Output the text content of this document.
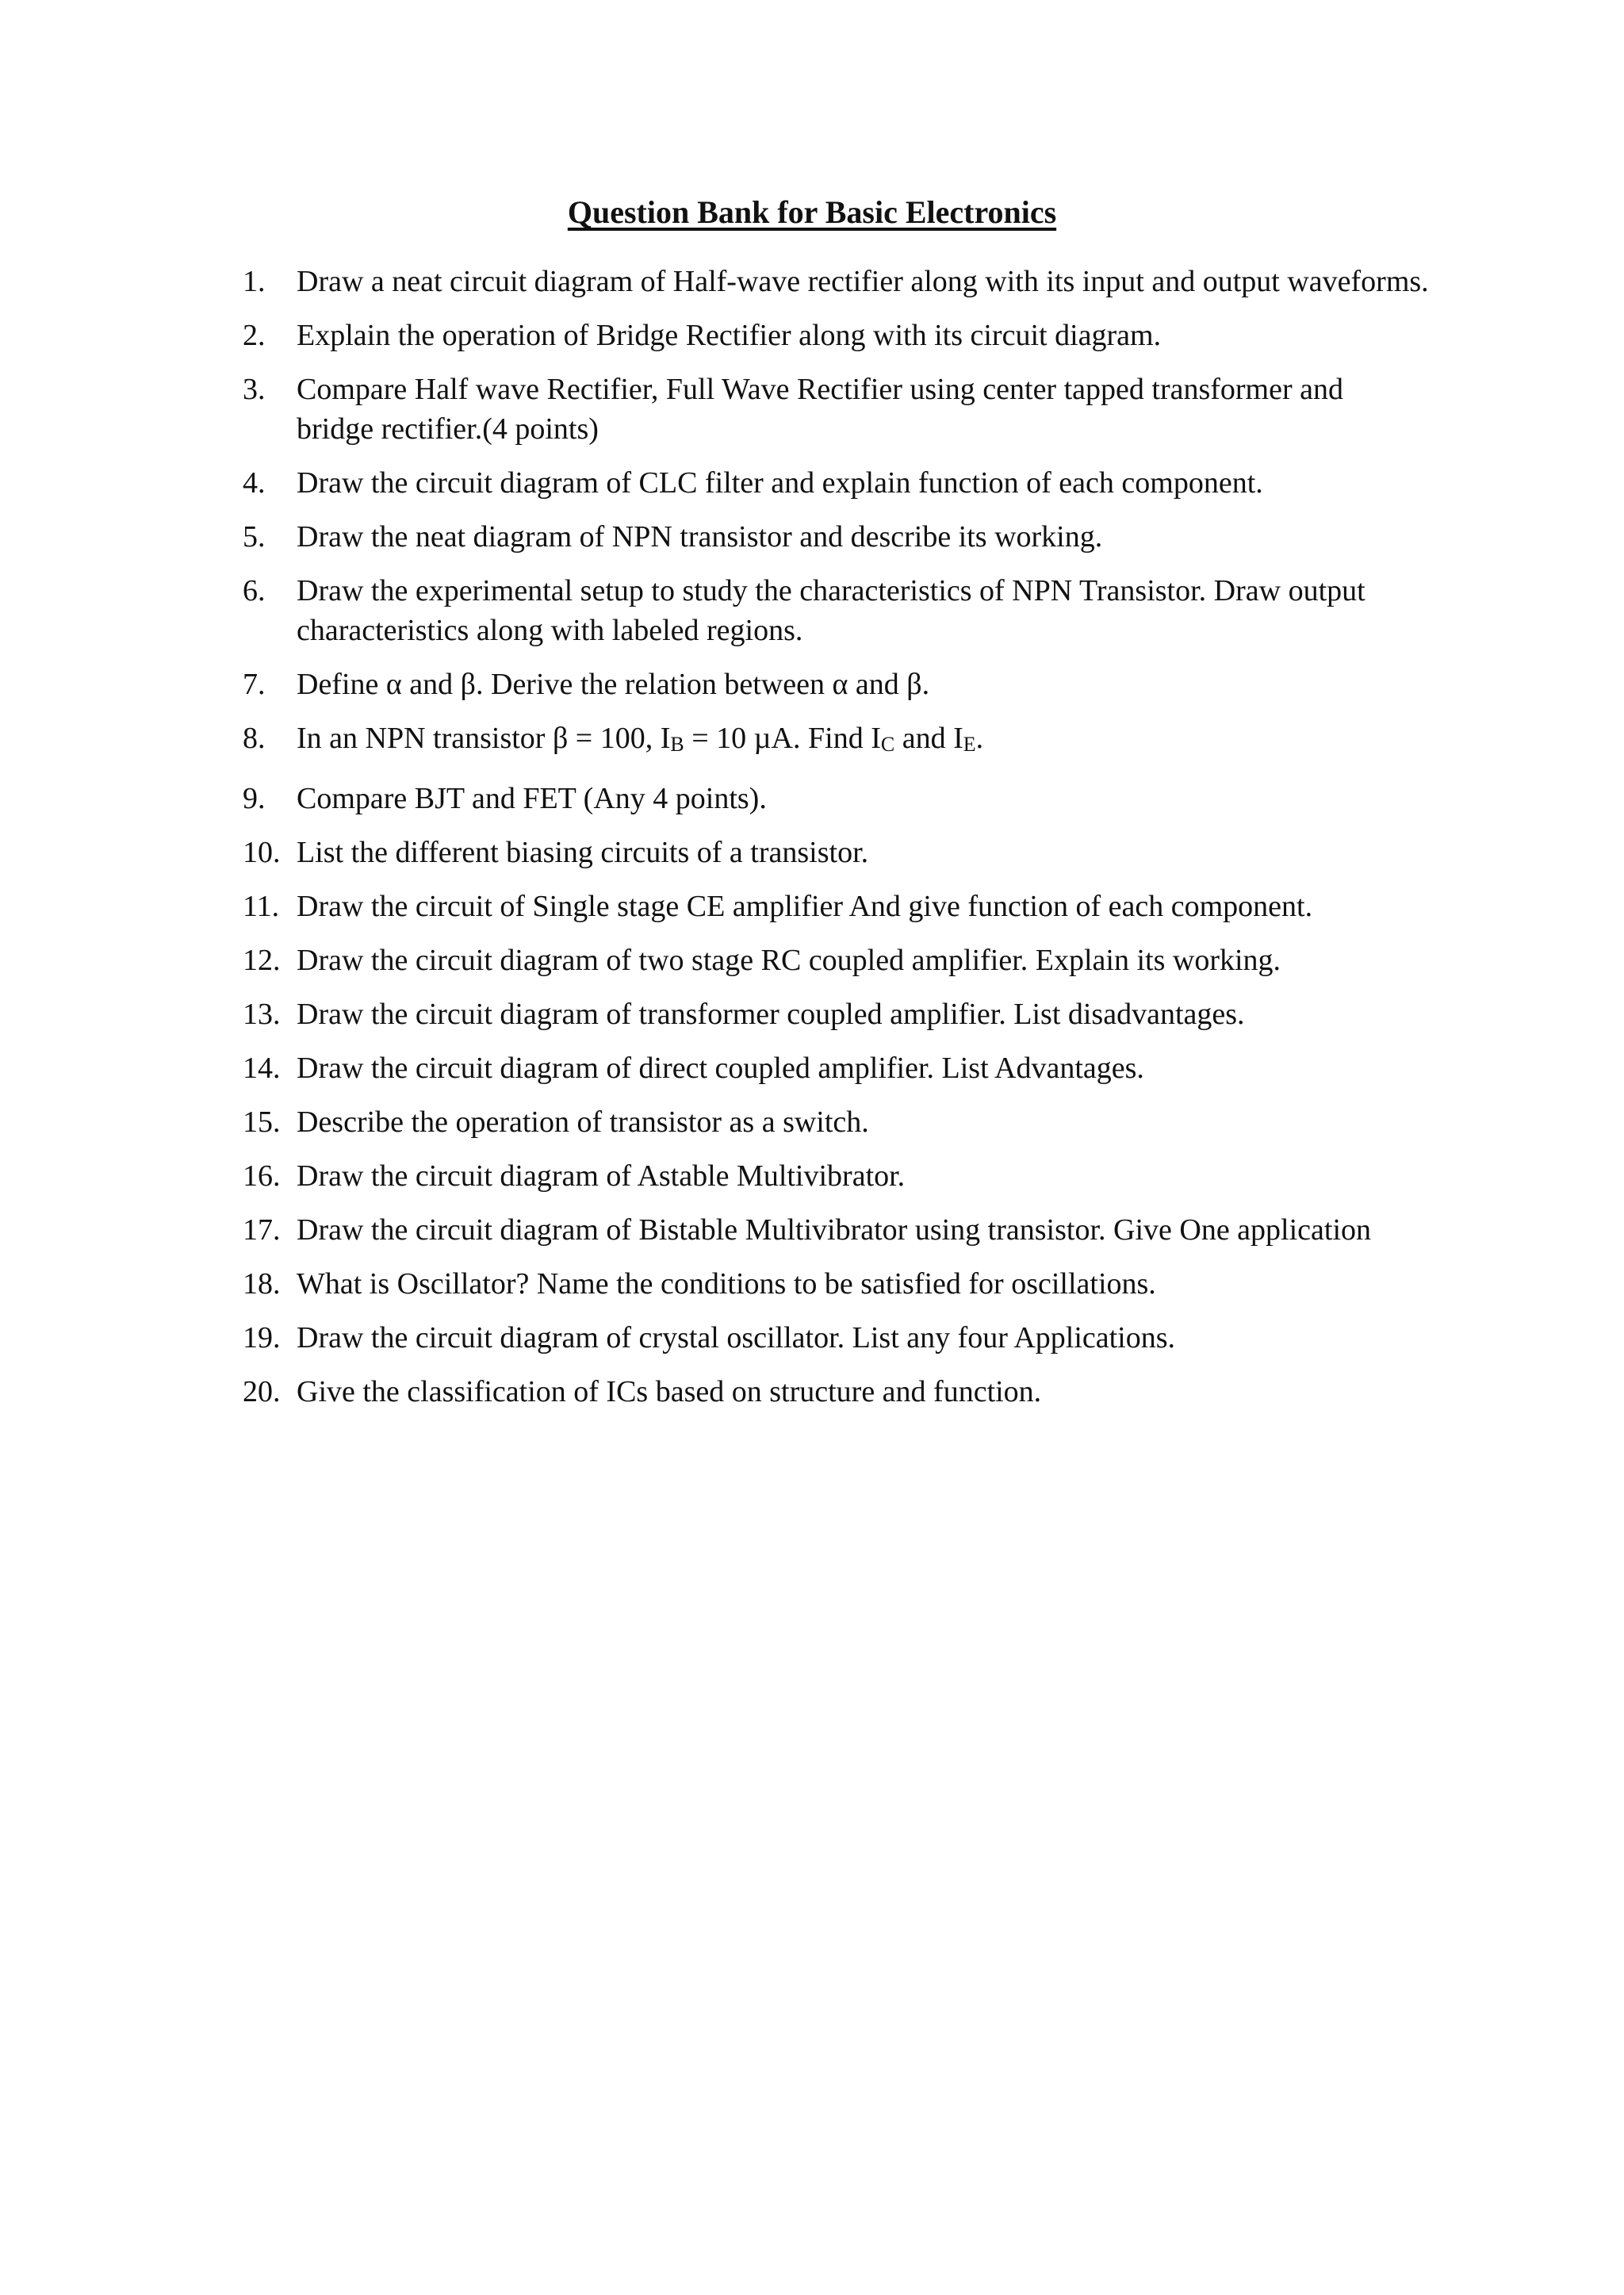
Question Bank for Basic Electronics
1.	Draw a neat circuit diagram of Half-wave rectifier along with its input and output waveforms.
2.	Explain the operation of Bridge Rectifier along with its circuit diagram.
3.	Compare Half wave Rectifier, Full Wave Rectifier using center tapped transformer and
bridge rectifier.(4 points)
4.	Draw the circuit diagram of CLC filter and explain function of each component.
5.	Draw the neat diagram of NPN transistor and describe its working.
6.	Draw the experimental setup to study the characteristics of NPN Transistor. Draw output
characteristics along with labeled regions.
7.	Define α and β. Derive the relation between α and β.
8.	In an NPN transistor β = 100, $I_B = 10$ µA. Find $I_C$ and $I_E$.
9.	Compare BJT and FET (Any 4 points).
10. List the different biasing circuits of a transistor.
11. Draw the circuit of Single stage CE amplifier And give function of each component.
12. Draw the circuit diagram of two stage RC coupled amplifier. Explain its working.
13. Draw the circuit diagram of transformer coupled amplifier. List disadvantages.
14. Draw the circuit diagram of direct coupled amplifier. List Advantages.
15. Describe the operation of transistor as a switch.
16. Draw the circuit diagram of Astable Multivibrator.
17. Draw the circuit diagram of Bistable Multivibrator using transistor. Give One application
18. What is Oscillator? Name the conditions to be satisfied for oscillations.
19. Draw the circuit diagram of crystal oscillator. List any four Applications.
20. Give the classification of ICs based on structure and function.
